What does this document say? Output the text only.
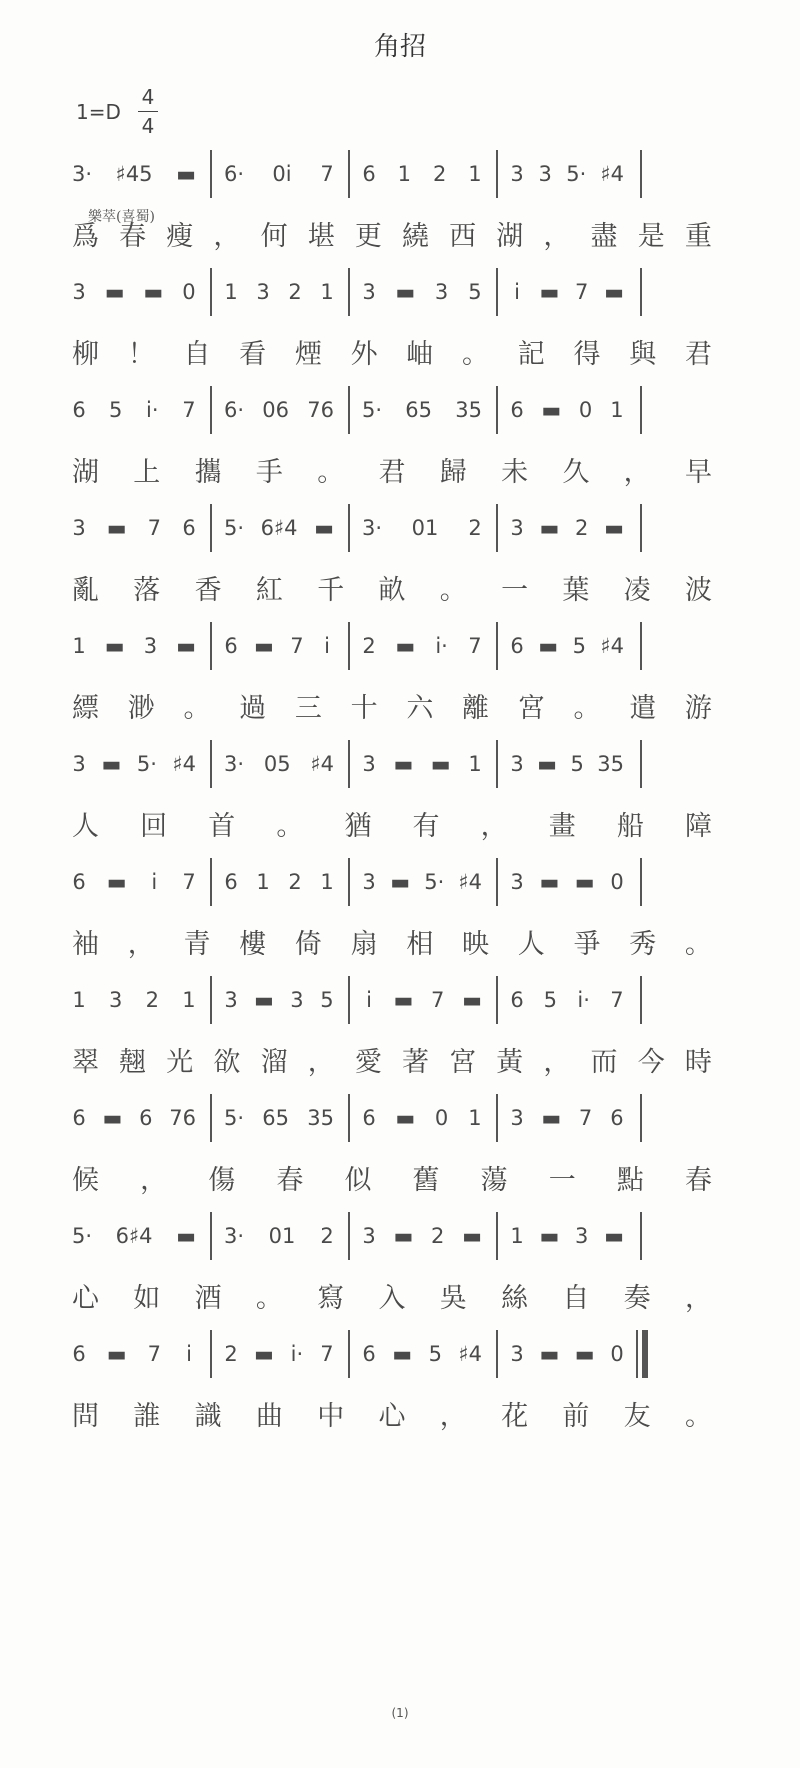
角招
1=D
4
4
樂萃(喜蜀)
3· ♯45 ▬ 6· 0i 7 6 1 2 1 3 3 5· ♯4
爲 春 瘦 ， 何 堪 更 繞 西 湖 ， 盡 是 重
3 ▬ ▬ 0 1 3 2 1 3 ▬ 3 5 i ▬ 7 ▬
柳 ！ 自 看 煙 外 岫 。 記 得 與 君
6 5 i· 7 6· 06 76 5· 65 35 6 ▬ 0 1
湖 上 攜 手 。 君 歸 未 久 ， 早
3 ▬ 7 6 5· 6♯4 ▬ 3· 01 2 3 ▬ 2 ▬
亂 落 香 紅 千 畝 。 一 葉 凌 波
1 ▬ 3 ▬ 6 ▬ 7 i 2 ▬ i· 7 6 ▬ 5 ♯4
縹 渺 。 過 三 十 六 離 宮 。 遣 游
3 ▬ 5· ♯4 3· 05 ♯4 3 ▬ ▬ 1 3 ▬ 5 35
人 回 首 。 猶 有 ， 畫 船 障
6 ▬ i 7 6 1 2 1 3 ▬ 5· ♯4 3 ▬ ▬ 0
袖 ， 青 樓 倚 扇 相 映 人 爭 秀 。
1 3 2 1 3 ▬ 3 5 i ▬ 7 ▬ 6 5 i· 7
翠 翹 光 欲 溜 ， 愛 著 宮 黃 ， 而 今 時
6 ▬ 6 76 5· 65 35 6 ▬ 0 1 3 ▬ 7 6
候 ， 傷 春 似 舊 蕩 一 點 春
5· 6♯4 ▬ 3· 01 2 3 ▬ 2 ▬ 1 ▬ 3 ▬
心 如 酒 。 寫 入 吳 絲 自 奏 ，
6 ▬ 7 i 2 ▬ i· 7 6 ▬ 5 ♯4 3 ▬ ▬ 0
問 誰 識 曲 中 心 ， 花 前 友 。
(1)
